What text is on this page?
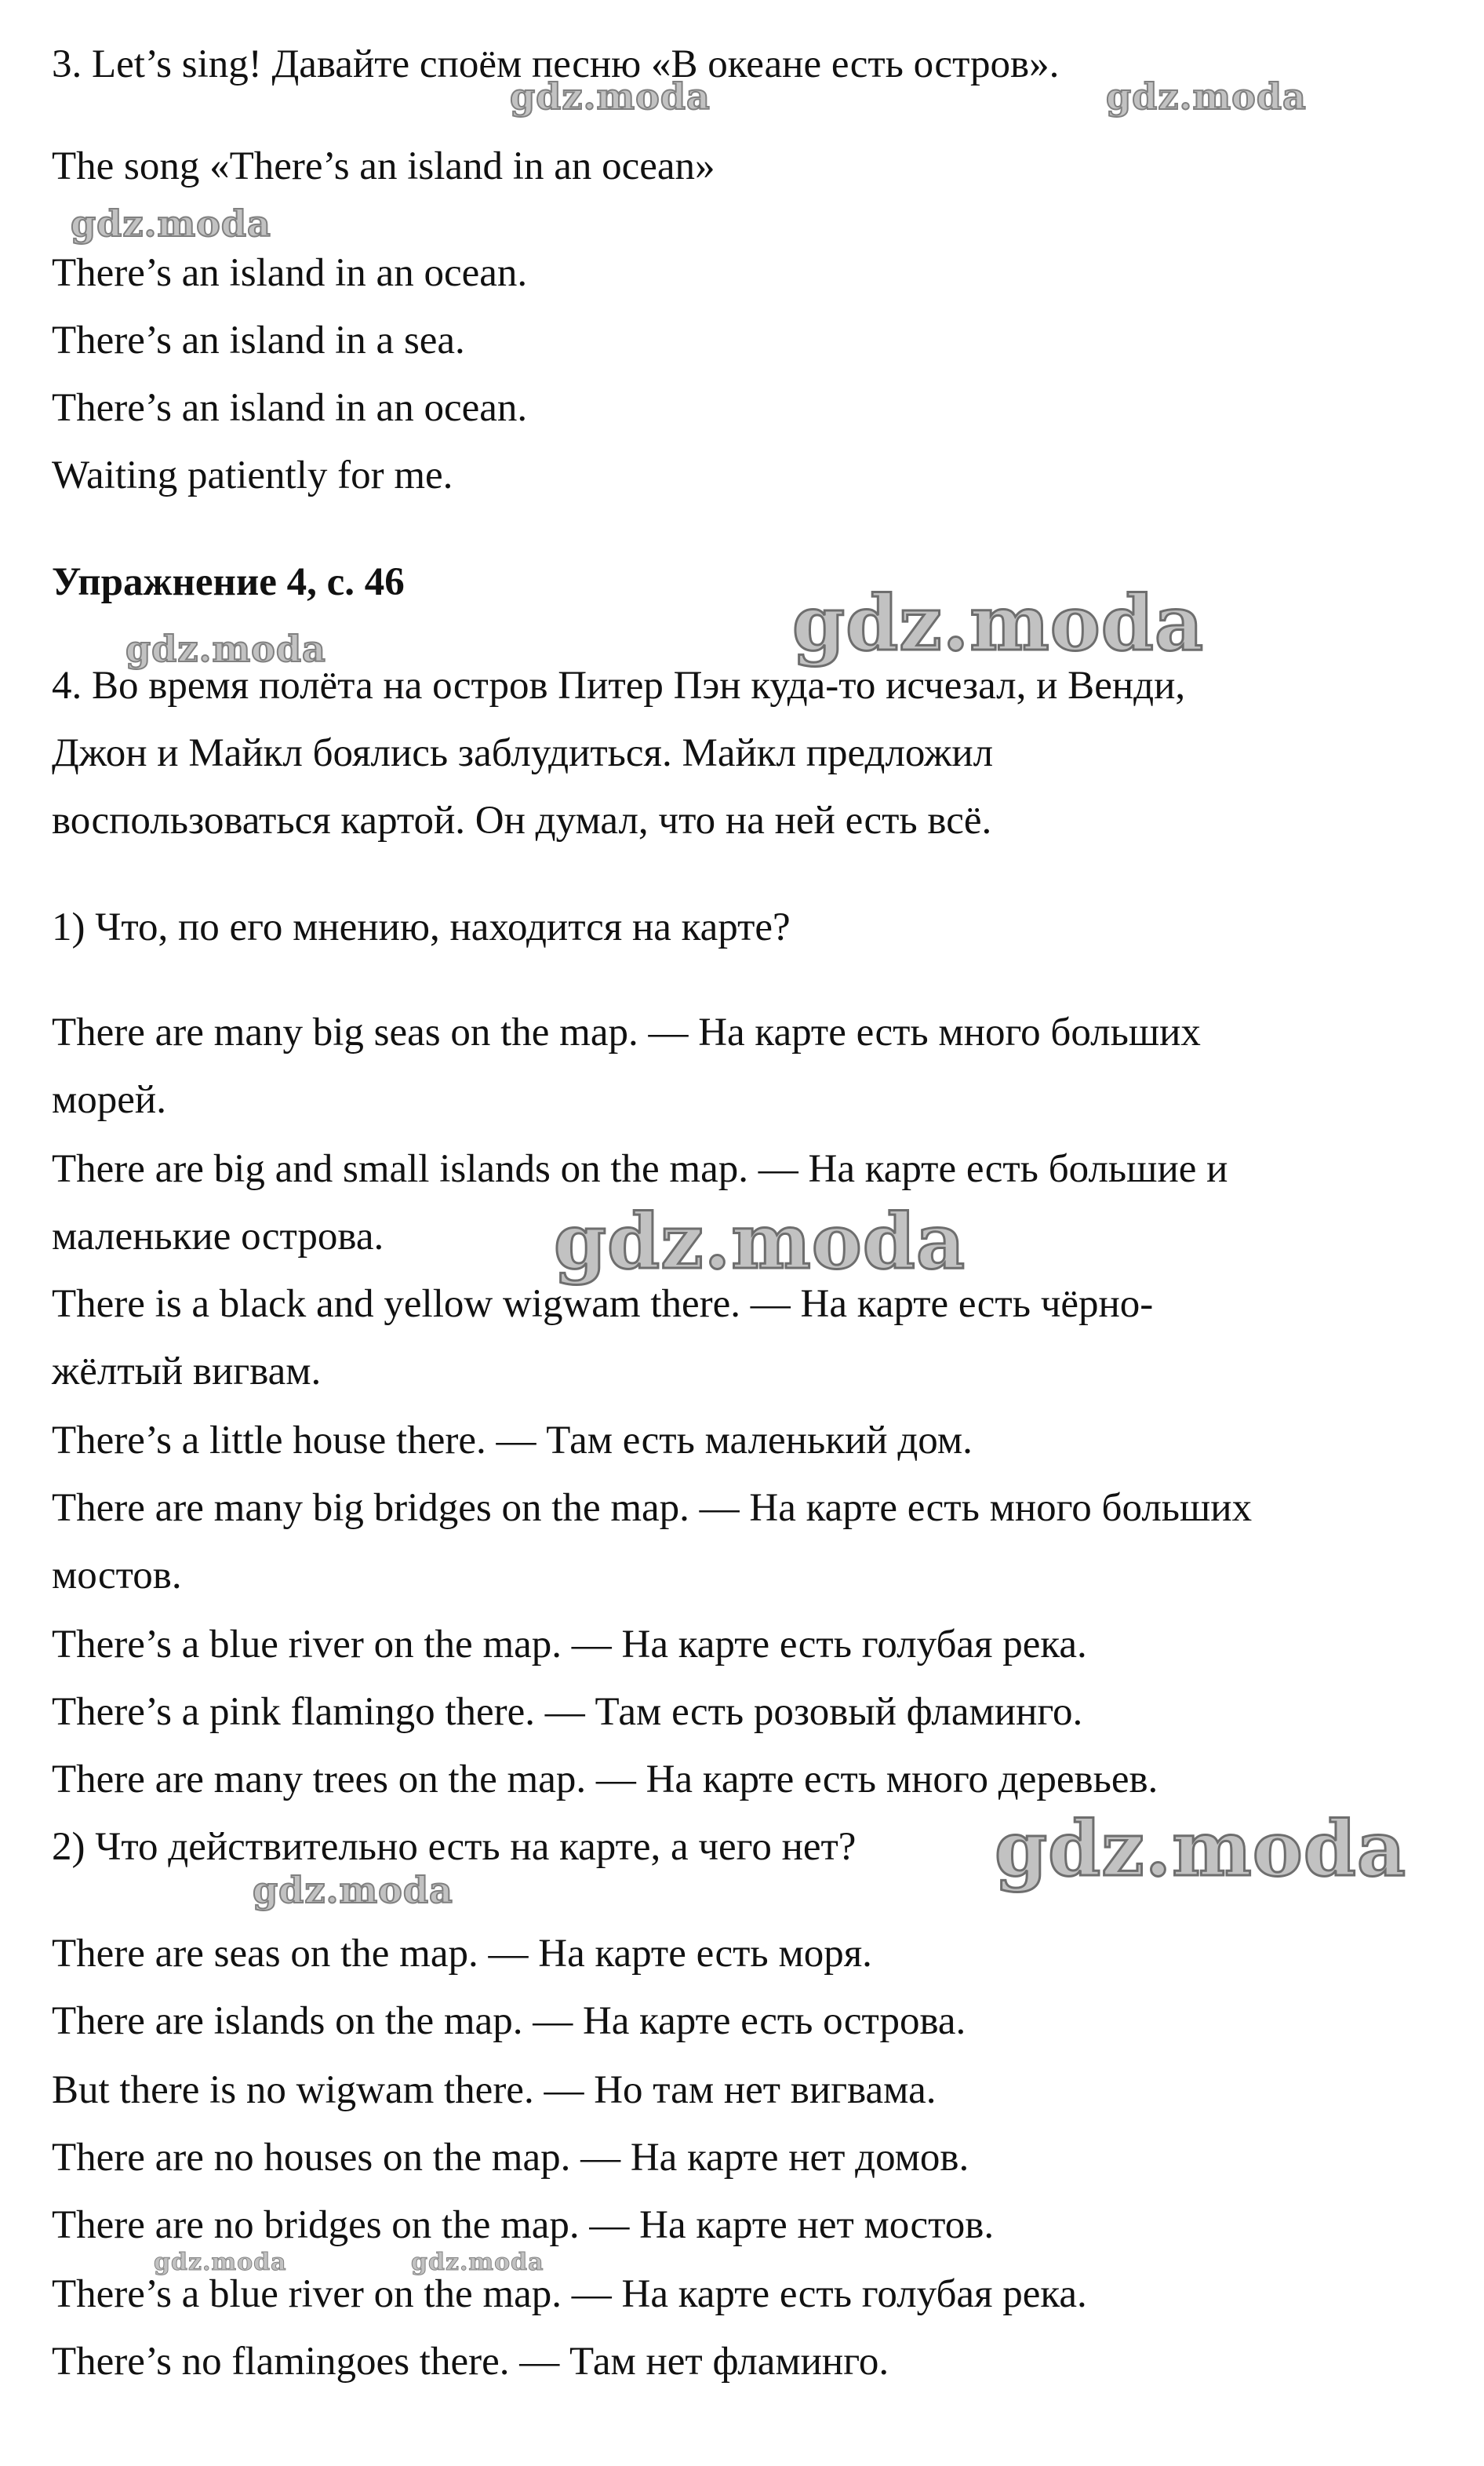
3. Let’s sing! Давайте споём песню «В океане есть остров».
The song «There’s an island in an ocean»
There’s an island in an ocean.
There’s an island in a sea.
There’s an island in an ocean.
Waiting patiently for me.
Упражнение 4, с. 46
4. Во время полёта на остров Питер Пэн куда-то исчезал, и Венди,
Джон и Майкл боялись заблудиться. Майкл предложил
воспользоваться картой. Он думал, что на ней есть всё.
1) Что, по его мнению, находится на карте?
There are many big seas on the map. — На карте есть много больших
морей.
There are big and small islands on the map. — На карте есть большие и
маленькие острова.
There is a black and yellow wigwam there. — На карте есть чёрно-
жёлтый вигвам.
There’s a little house there. — Там есть маленький дом.
There are many big bridges on the map. — На карте есть много больших
мостов.
There’s a blue river on the map. — На карте есть голубая река.
There’s a pink flamingo there. — Там есть розовый фламинго.
There are many trees on the map. — На карте есть много деревьев.
2) Что действительно есть на карте, а чего нет?
There are seas on the map. — На карте есть моря.
There are islands on the map. — На карте есть острова.
But there is no wigwam there. — Но там нет вигвама.
There are no houses on the map. — На карте нет домов.
There are no bridges on the map. — На карте нет мостов.
There’s a blue river on the map. — На карте есть голубая река.
There’s no flamingoes there. — Там нет фламинго.
gdz.moda	gdz.moda
gdz.moda
gdz.moda
gdz.moda
gdz.moda
gdz.moda
gdz.moda
gdz.moda	gdz.moda
